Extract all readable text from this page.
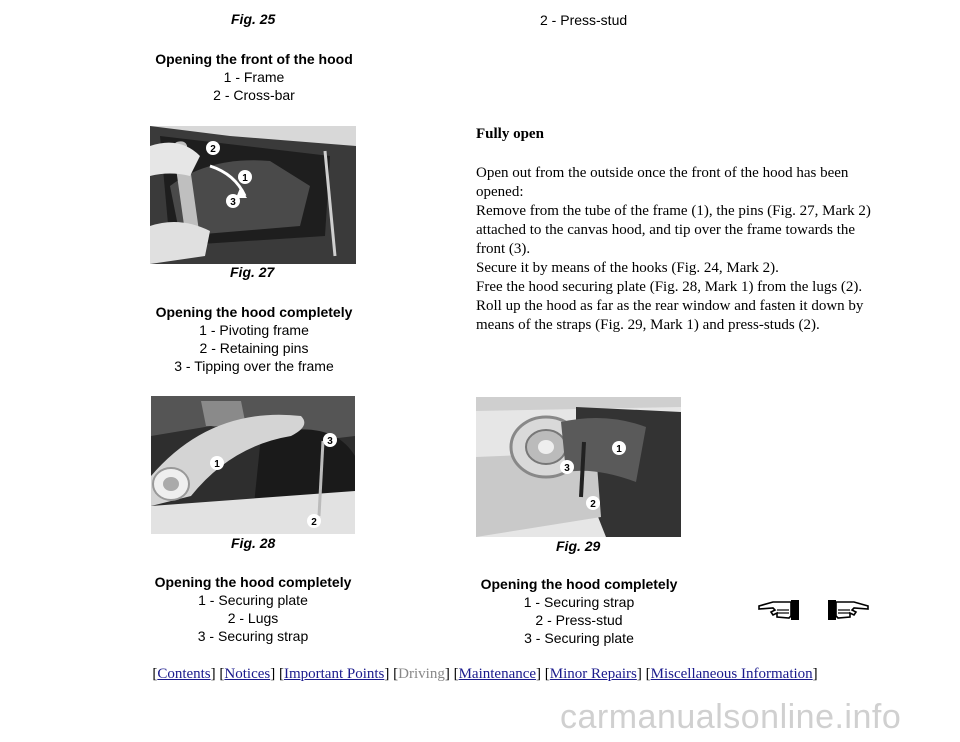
Fig. 25	2 - Press-stud
Opening the front of the hood
1 - Frame
2 - Cross-bar
2
1
3
Fig. 27
Opening the hood completely
1 - Pivoting frame
2 - Retaining pins
3 - Tipping over the frame
Fully open
Open out from the outside once the front of the hood has been
opened:
Remove from the tube of the frame (1), the pins (Fig. 27, Mark 2)
attached to the canvas hood, and tip over the frame towards the
front (3).
Secure it by means of the hooks (Fig. 24, Mark 2).
Free the hood securing plate (Fig. 28, Mark 1) from the lugs (2).
Roll up the hood as far as the rear window and fasten it down by
means of the straps (Fig. 29, Mark 1) and press-studs (2).
3
1
2
Fig. 28
Opening the hood completely
1 - Securing plate
2 - Lugs
3 - Securing strap
1
3
2
Fig. 29
Opening the hood completely
1 - Securing strap
2 - Press-stud
3 - Securing plate
[Contents] [Notices] [Important Points] [Driving] [Maintenance] [Minor Repairs] [Miscellaneous Information]
carmanualsonline.info
